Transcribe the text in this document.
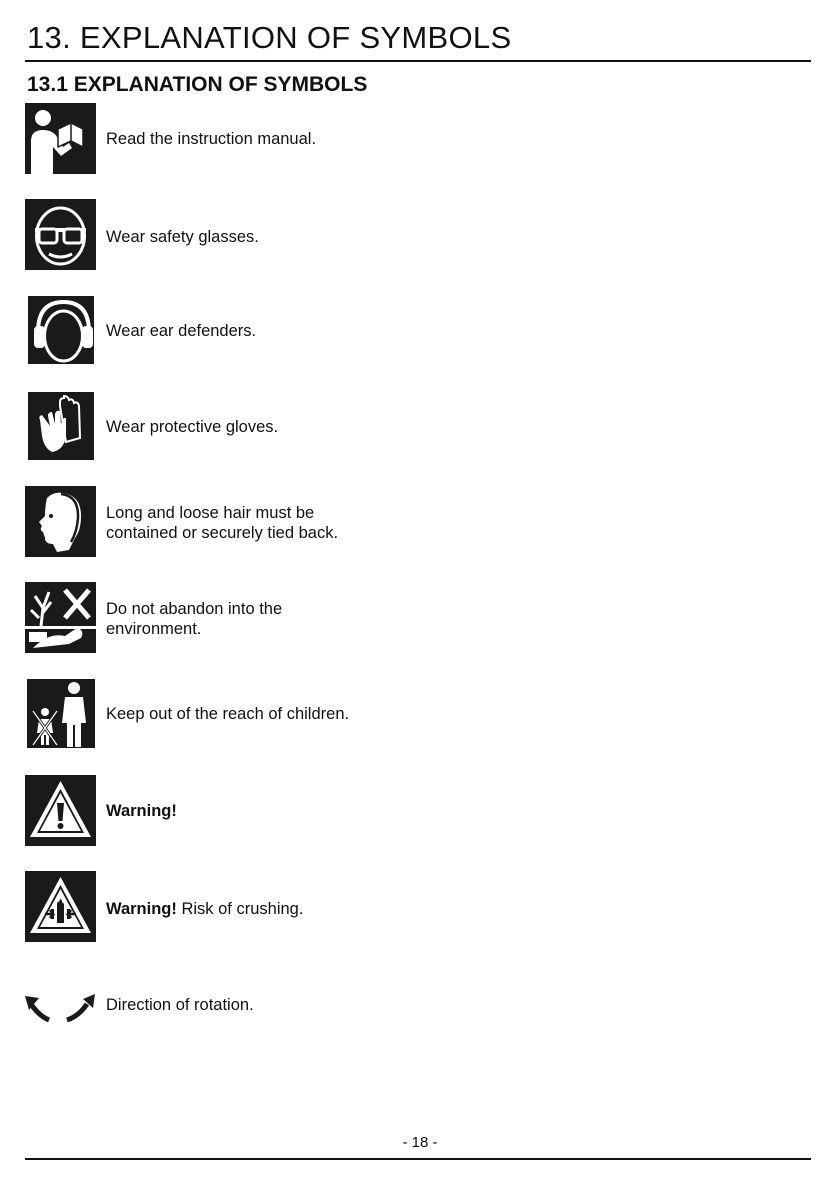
13. EXPLANATION OF SYMBOLS
13.1 EXPLANATION OF SYMBOLS
Read the instruction manual.
Wear safety glasses.
Wear ear defenders.
Wear protective gloves.
Long and loose hair must be
contained or securely tied back.
Do not abandon into the
environment.
Keep out of the reach of children.
Warning!
Warning! Risk of crushing.
Direction of rotation.
- 18 -
